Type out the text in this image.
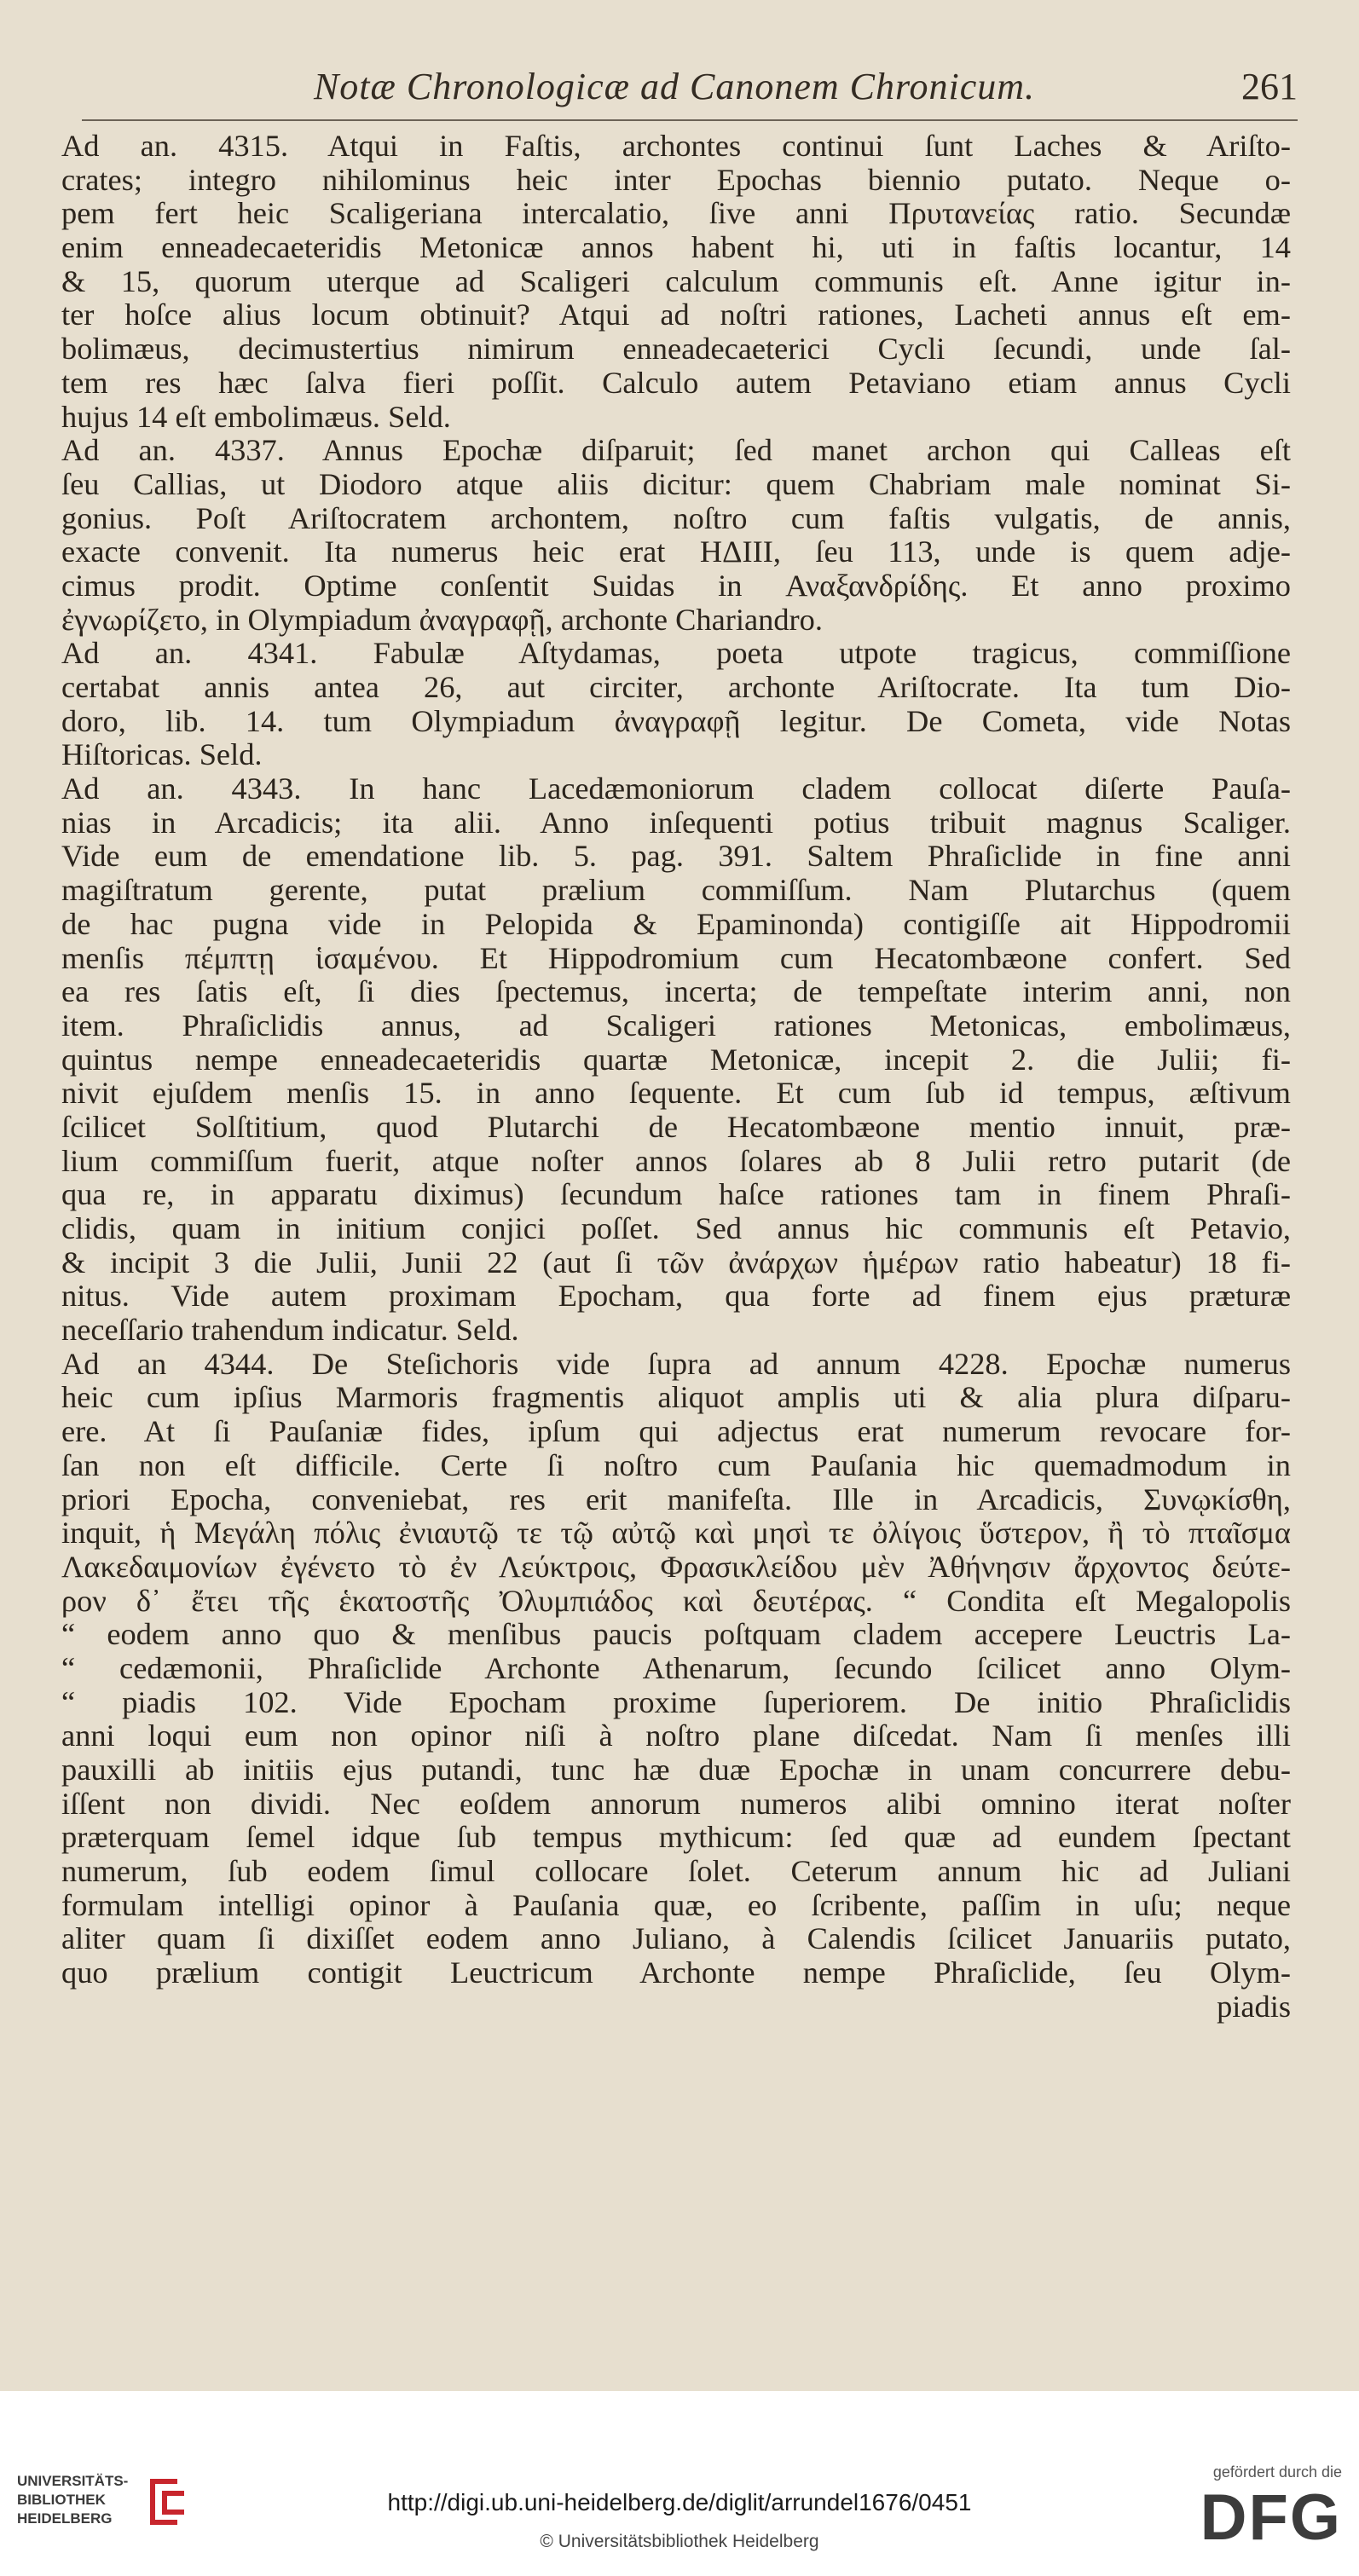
Notæ Chronologicæ ad Canonem Chronicum.	261
Ad an. 4315. Atqui in Faſtis, archontes continui ſunt Laches & Ariſto-
crates; integro nihilominus heic inter Epochas biennio putato. Neque o-
pem fert heic Scaligeriana intercalatio, ſive anni Πρυτανείας ratio. Secundæ
enim enneadecaeteridis Metonicæ annos habent hi, uti in faſtis locantur, 14
& 15, quorum uterque ad Scaligeri calculum communis eſt. Anne igitur in-
ter hoſce alius locum obtinuit? Atqui ad noſtri rationes, Lacheti annus eſt em-
bolimæus, decimustertius nimirum enneadecaeterici Cycli ſecundi, unde ſal-
tem res hæc ſalva fieri poſſit. Calculo autem Petaviano etiam annus Cycli
hujus 14 eſt embolimæus. Seld.
Ad an. 4337. Annus Epochæ diſparuit; ſed manet archon qui Calleas eſt
ſeu Callias, ut Diodoro atque aliis dicitur: quem Chabriam male nominat Si-
gonius. Poſt Ariſtocratem archontem, noſtro cum faſtis vulgatis, de annis,
exacte convenit. Ita numerus heic erat HΔIII, ſeu 113, unde is quem adje-
cimus prodit. Optime conſentit Suidas in Αναξανδρίδης. Et anno proximo
ἐγνωρίζετο, in Olympiadum ἀναγραφῇ, archonte Chariandro.
Ad an. 4341. Fabulæ Aſtydamas, poeta utpote tragicus, commiſſione
certabat annis antea 26, aut circiter, archonte Ariſtocrate. Ita tum Dio-
doro, lib. 14. tum Olympiadum ἀναγραφῇ legitur. De Cometa, vide Notas
Hiſtoricas. Seld.
Ad an. 4343. In hanc Lacedæmoniorum cladem collocat diſerte Pauſa-
nias in Arcadicis; ita alii. Anno inſequenti potius tribuit magnus Scaliger.
Vide eum de emendatione lib. 5. pag. 391. Saltem Phraſiclide in fine anni
magiſtratum gerente, putat prælium commiſſum. Nam Plutarchus (quem
de hac pugna vide in Pelopida & Epaminonda) contigiſſe ait Hippodromii
menſis πέμπτῃ ἱσαμένου. Et Hippodromium cum Hecatombæone confert. Sed
ea res ſatis eſt, ſi dies ſpectemus, incerta; de tempeſtate interim anni, non
item. Phraſiclidis annus, ad Scaligeri rationes Metonicas, embolimæus,
quintus nempe enneadecaeteridis quartæ Metonicæ, incepit 2. die Julii; fi-
nivit ejuſdem menſis 15. in anno ſequente. Et cum ſub id tempus, æſtivum
ſcilicet Solſtitium, quod Plutarchi de Hecatombæone mentio innuit, præ-
lium commiſſum fuerit, atque noſter annos ſolares ab 8 Julii retro putarit (de
qua re, in apparatu diximus) ſecundum haſce rationes tam in finem Phraſi-
clidis, quam in initium conjici poſſet. Sed annus hic communis eſt Petavio,
& incipit 3 die Julii, Junii 22 (aut ſi τῶν ἀνάρχων ἡμέρων ratio habeatur) 18 fi-
nitus. Vide autem proximam Epocham, qua forte ad finem ejus præturæ
neceſſario trahendum indicatur. Seld.
Ad an 4344. De Steſichoris vide ſupra ad annum 4228. Epochæ numerus
heic cum ipſius Marmoris fragmentis aliquot amplis uti & alia plura diſparu-
ere. At ſi Pauſaniæ fides, ipſum qui adjectus erat numerum revocare for-
ſan non eſt difficile. Certe ſi noſtro cum Pauſania hic quemadmodum in
priori Epocha, conveniebat, res erit manifeſta. Ille in Arcadicis, Συνῳκίσθη,
inquit, ἡ Μεγάλη πόλις ἐνιαυτῷ τε τῷ αὐτῷ καὶ μησὶ τε ὀλίγοις ὕστερον, ἢ τὸ πταῖσμα
Λακεδαιμονίων ἐγένετο τὸ ἐν Λεύκτροις, Φρασικλείδου μὲν Ἀθήνησιν ἄρχοντος δεύτε-
ρον δ᾽ ἔτει τῆς ἑκατοστῆς Ὀλυμπιάδος καὶ δευτέρας. “ Condita eſt Megalopolis
“ eodem anno quo & menſibus paucis poſtquam cladem accepere Leuctris La-
“ cedæmonii, Phraſiclide Archonte Athenarum, ſecundo ſcilicet anno Olym-
“ piadis 102. Vide Epocham proxime ſuperiorem. De initio Phraſiclidis
anni loqui eum non opinor niſi à noſtro plane diſcedat. Nam ſi menſes illi
pauxilli ab initiis ejus putandi, tunc hæ duæ Epochæ in unam concurrere debu-
iſſent non dividi. Nec eoſdem annorum numeros alibi omnino iterat noſter
præterquam ſemel idque ſub tempus mythicum: ſed quæ ad eundem ſpectant
numerum, ſub eodem ſimul collocare ſolet. Ceterum annum hic ad Juliani
formulam intelligi opinor à Pauſania quæ, eo ſcribente, paſſim in uſu; neque
aliter quam ſi dixiſſet eodem anno Juliano, à Calendis ſcilicet Januariis putato,
quo prælium contigit Leuctricum Archonte nempe Phraſiclide, ſeu Olym-
piadis
UNIVERSITÄTS-
BIBLIOTHEK
HEIDELBERG
http://digi.ub.uni-heidelberg.de/diglit/arrundel1676/0451
© Universitätsbibliothek Heidelberg
gefördert durch die
DFG
